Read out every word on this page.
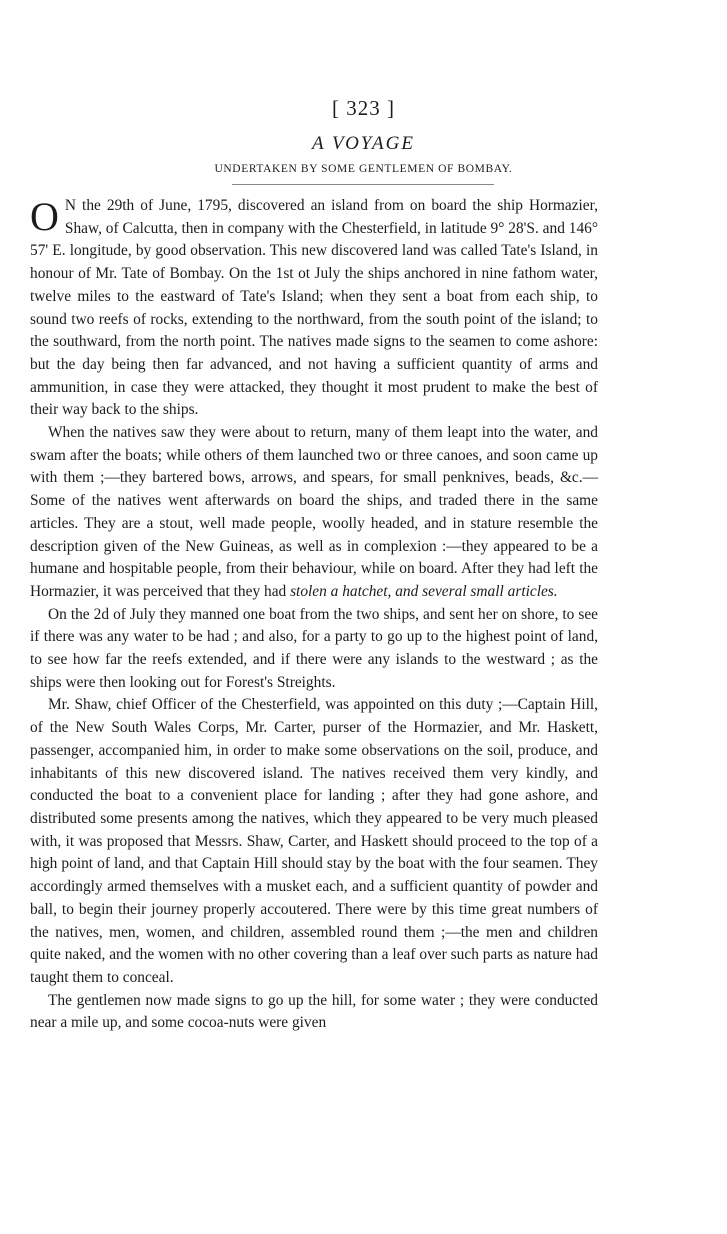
[ 323 ]
A VOYAGE
UNDERTAKEN BY SOME GENTLEMEN OF BOMBAY.

O N the 29th of June, 1795, discovered an island from on board the ship Hormazier, Shaw, of Calcutta, then in company with the Chesterfield, in latitude 9° 28'S. and 146° 57' E. longitude, by good observation. This new discovered land was called Tate's Island, in honour of Mr. Tate of Bombay. On the 1st ot July the ships anchored in nine fathom water, twelve miles to the eastward of Tate's Island; when they sent a boat from each ship, to sound two reefs of rocks, extending to the northward, from the south point of the island; to the southward, from the north point. The natives made signs to the seamen to come ashore: but the day being then far advanced, and not having a sufficient quantity of arms and ammunition, in case they were attacked, they thought it most prudent to make the best of their way back to the ships.

When the natives saw they were about to return, many of them leapt into the water, and swam after the boats; while others of them launched two or three canoes, and soon came up with them ;—they bartered bows, arrows, and spears, for small penknives, beads, &c.— Some of the natives went afterwards on board the ships, and traded there in the same articles. They are a stout, well made people, woolly headed, and in stature resemble the description given of the New Guineas, as well as in complexion :—they appeared to be a humane and hospitable people, from their behaviour, while on board. After they had left the Hormazier, it was perceived that they had stolen a hatchet, and several small articles.

On the 2d of July they manned one boat from the two ships, and sent her on shore, to see if there was any water to be had ; and also, for a party to go up to the highest point of land, to see how far the reefs extended, and if there were any islands to the westward ; as the ships were then looking out for Forest's Streights.

Mr. Shaw, chief Officer of the Chesterfield, was appointed on this duty ;—Captain Hill, of the New South Wales Corps, Mr. Carter, purser of the Hormazier, and Mr. Haskett, passenger, accompanied him, in order to make some observations on the soil, produce, and inhabitants of this new discovered island. The natives received them very kindly, and conducted the boat to a convenient place for landing ; after they had gone ashore, and distributed some presents among the natives, which they appeared to be very much pleased with, it was proposed that Messrs. Shaw, Carter, and Haskett should proceed to the top of a high point of land, and that Captain Hill should stay by the boat with the four seamen. They accordingly armed themselves with a musket each, and a sufficient quantity of powder and ball, to begin their journey properly accoutered. There were by this time great numbers of the natives, men, women, and children, assembled round them ;—the men and children quite naked, and the women with no other covering than a leaf over such parts as nature had taught them to conceal.

The gentlemen now made signs to go up the hill, for some water ; they were conducted near a mile up, and some cocoa-nuts were given
